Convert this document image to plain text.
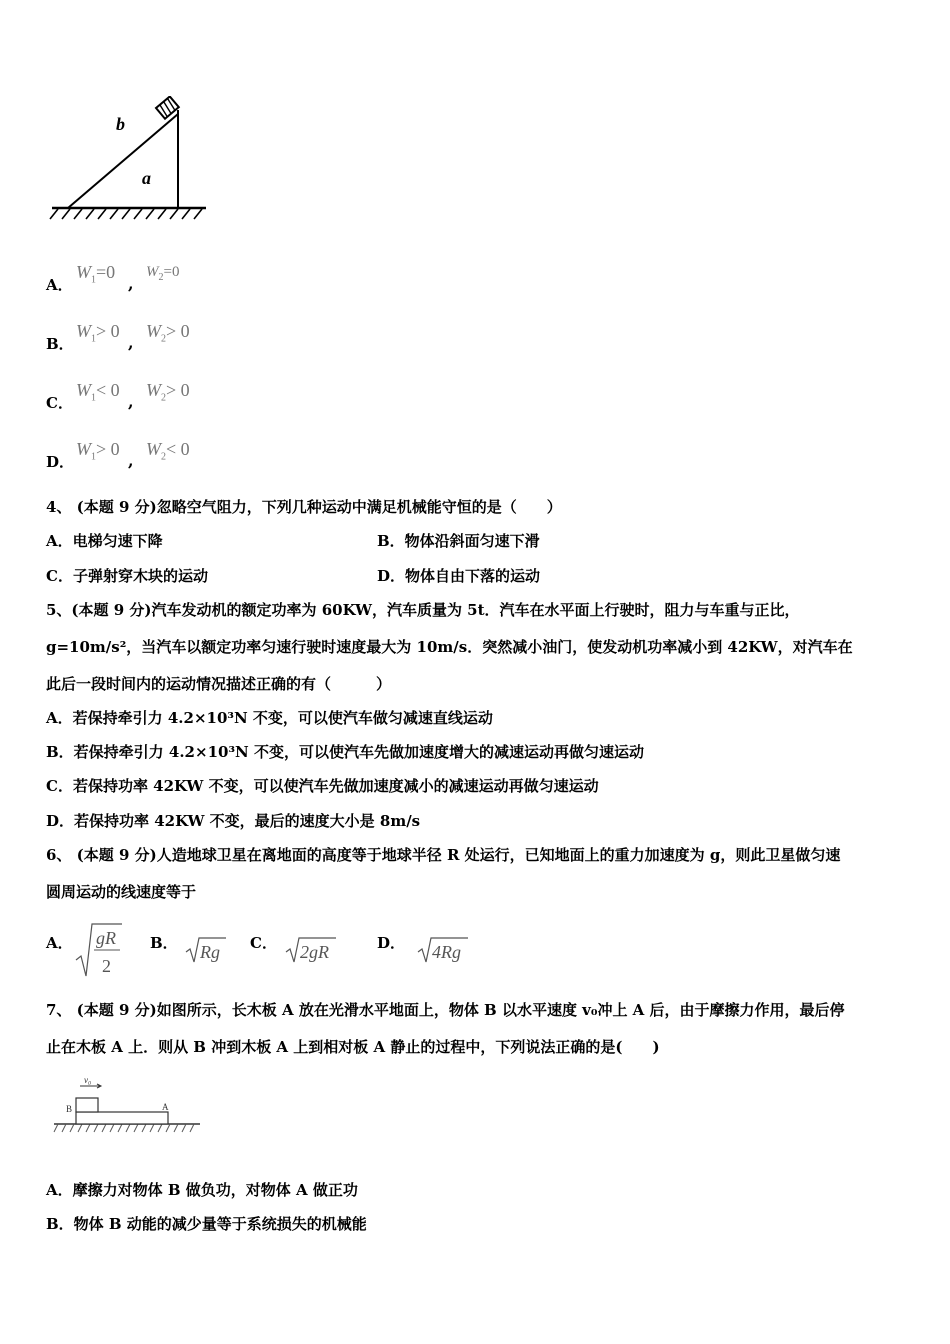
b
a
A．
$W_1=0$
,
$W_2=0$
B．
$W_1> 0$
,
$W_2> 0$
C．
$W_1< 0$
,
$W_2> 0$
D．
$W_1> 0$
,
$W_2< 0$
4、 (本题 9 分)忽略空气阻力，下列几种运动中满足机械能守恒的是（　　）
A．电梯匀速下降	B．物体沿斜面匀速下滑
C．子弹射穿木块的运动	D．物体自由下落的运动
5、(本题 9 分)汽车发动机的额定功率为 60KW，汽车质量为 5t．汽车在水平面上行驶时，阻力与车重与正比，
g=10m/s²，当汽车以额定功率匀速行驶时速度最大为 10m/s．突然减小油门，使发动机功率减小到 42KW，对汽车在
此后一段时间内的运动情况描述正确的有（　　　）
A．若保持牵引力 4.2×10³N 不变，可以使汽车做匀减速直线运动
B．若保持牵引力 4.2×10³N 不变，可以使汽车先做加速度增大的减速运动再做匀速运动
C．若保持功率 42KW 不变，可以使汽车先做加速度减小的减速运动再做匀速运动
D．若保持功率 42KW 不变，最后的速度大小是 8m/s
6、 (本题 9 分)人造地球卫星在离地面的高度等于地球半径 R 处运行，已知地面上的重力加速度为 g，则此卫星做匀速
圆周运动的线速度等于
A． gR
2
B． Rg C． 2gR	D． 4Rg
7、 (本题 9 分)如图所示，长木板 A 放在光滑水平地面上，物体 B 以水平速度 v₀冲上 A 后，由于摩擦力作用，最后停
止在木板 A 上．则从 B 冲到木板 A 上到相对板 A 静止的过程中，下列说法正确的是(　　)
v₀
B	A
A．摩擦力对物体 B 做负功，对物体 A 做正功
B．物体 B 动能的减少量等于系统损失的机械能
